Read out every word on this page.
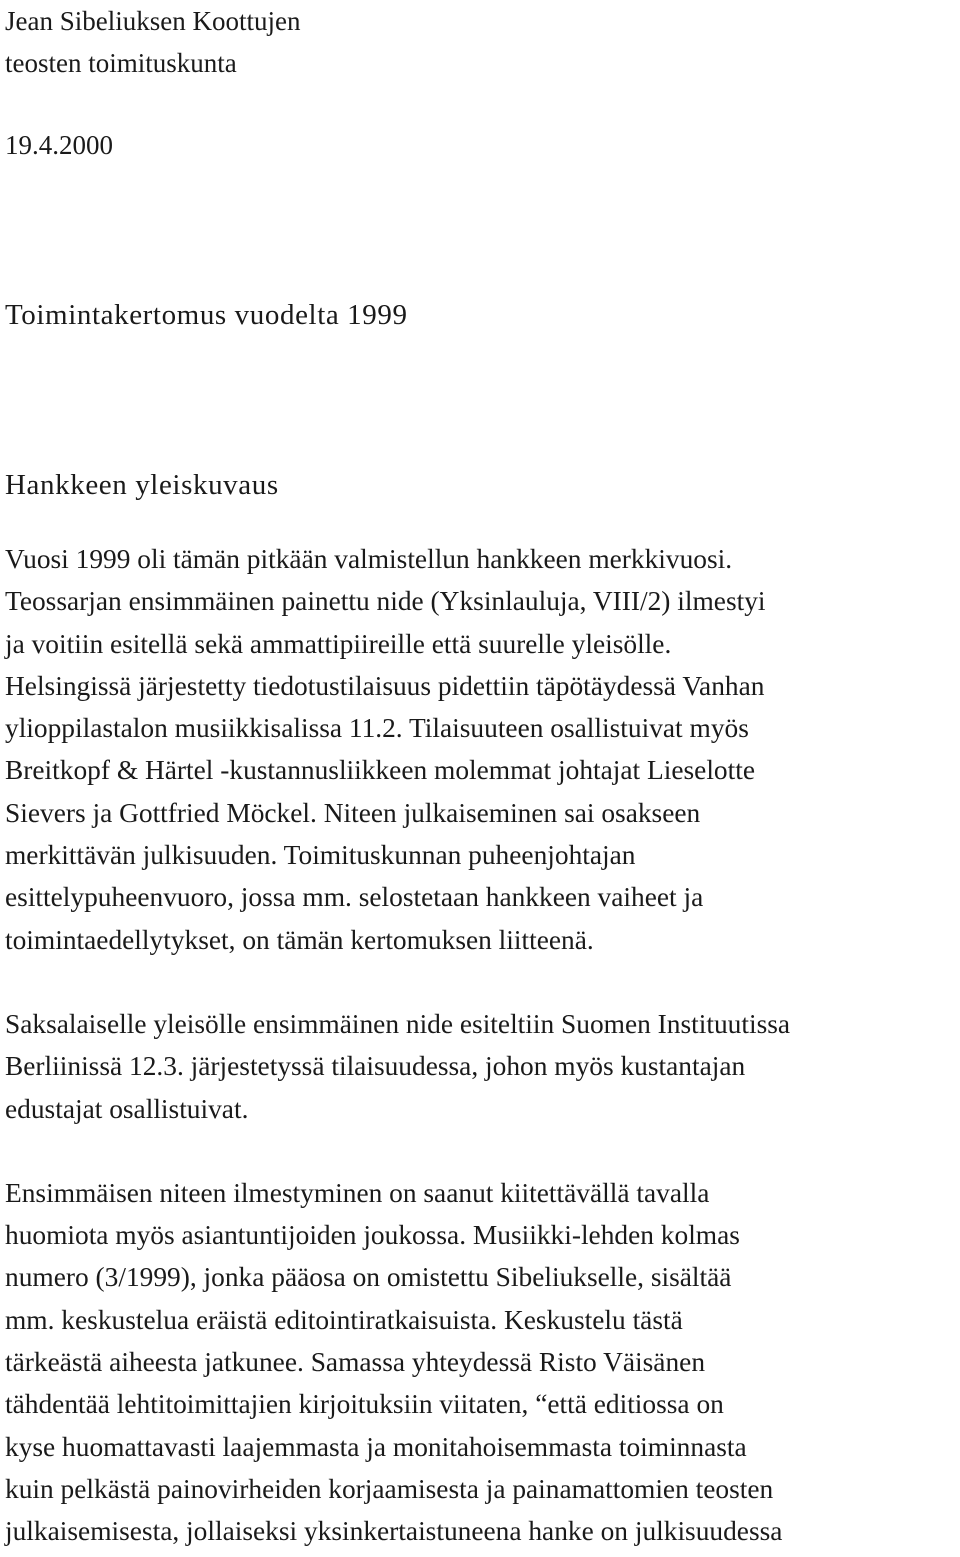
Jean Sibeliuksen Koottujen

teosten toimituskunta

19.4.2000

Toimintakertomus vuodelta 1999
Hankkeen yleiskuvaus

Vuosi 1999 oli tämän pitkään valmistellun hankkeen merkkivuosi.

Teossarjan ensimmäinen painettu nide (Yksinlauluja, VIII/2) ilmestyi

ja voitiin esitellä sekä ammattipiireille että suurelle yleisölle.

Helsingissä järjestetty tiedotustilaisuus pidettiin täpötäydessä Vanhan

ylioppilastalon musiikkisalissa 11.2. Tilaisuuteen osallistuivat myös

Breitkopf & Härtel -kustannusliikkeen molemmat johtajat Lieselotte

Sievers ja Gottfried Möckel. Niteen julkaiseminen sai osakseen

merkittävän julkisuuden. Toimituskunnan puheenjohtajan

esittelypuheenvuoro, jossa mm. selostetaan hankkeen vaiheet ja

toimintaedellytykset, on tämän kertomuksen liitteenä.

Saksalaiselle yleisölle ensimmäinen nide esiteltiin Suomen Instituutissa

Berliinissä 12.3. järjestetyssä tilaisuudessa, johon myös kustantajan

edustajat osallistuivat.

Ensimmäisen niteen ilmestyminen on saanut kiitettävällä tavalla

huomiota myös asiantuntijoiden joukossa. Musiikki-lehden kolmas

numero (3/1999), jonka pääosa on omistettu Sibeliukselle, sisältää

mm. keskustelua eräistä editointiratkaisuista. Keskustelu tästä

tärkeästä aiheesta jatkunee. Samassa yhteydessä Risto Väisänen

tähdentää lehtitoimittajien kirjoituksiin viitaten, “että editiossa on

kyse huomattavasti laajemmasta ja monitahoisemmasta toiminnasta

kuin pelkästä painovirheiden korjaamisesta ja painamattomien teosten

julkaisemisesta, jollaiseksi yksinkertaistuneena hanke on julkisuudessa
